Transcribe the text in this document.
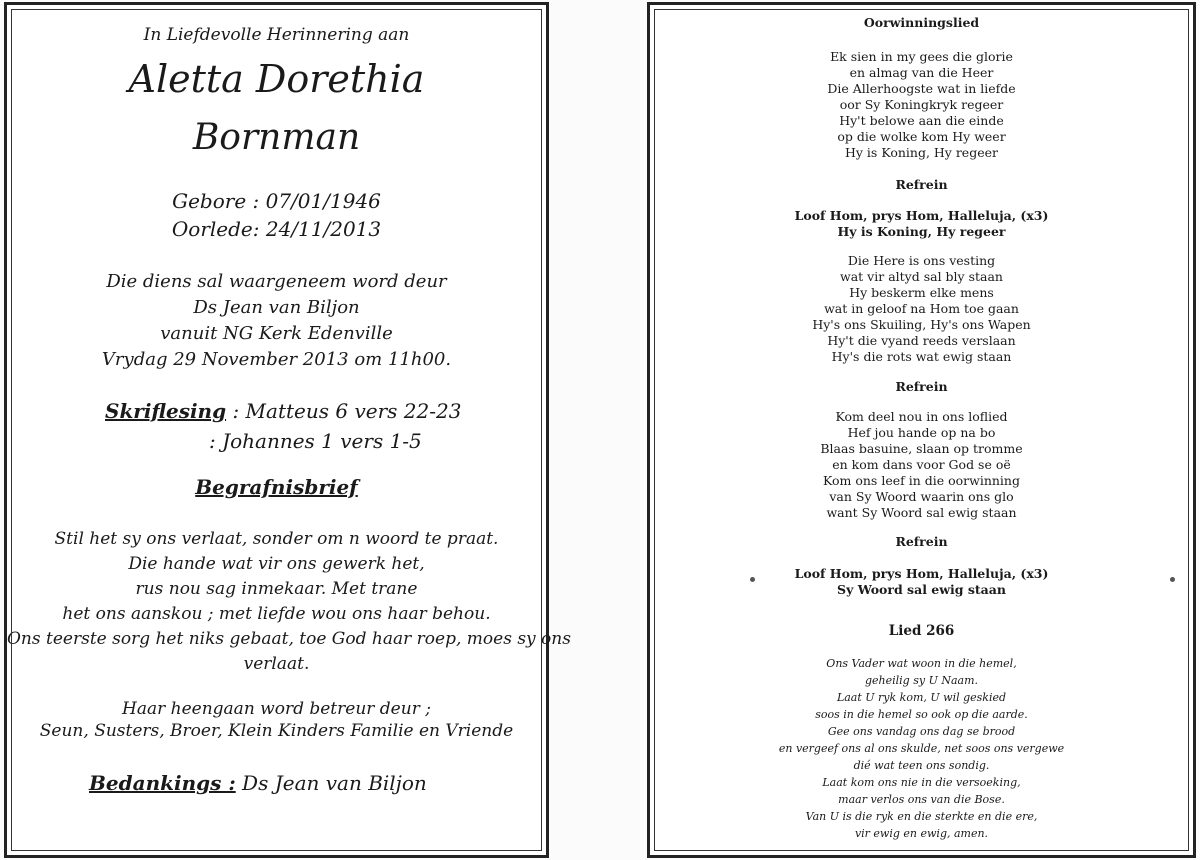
In Liefdevolle Herinnering aan
Aletta Dorethia
Bornman
Gebore : 07/01/1946
Oorlede: 24/11/2013
Die diens sal waargeneem word deur
Ds Jean van Biljon
vanuit NG Kerk Edenville
Vrydag 29 November 2013 om 11h00.
Skriflesing : Matteus 6 vers 22-23
: Johannes 1 vers 1-5
Begrafnisbrief
Stil het sy ons verlaat, sonder om n woord te praat.
Die hande wat vir ons gewerk het,
rus nou sag inmekaar. Met trane
het ons aanskou ; met liefde wou ons haar behou.
Ons teerste sorg het niks gebaat, toe God haar roep, moes sy ons
verlaat.
Haar heengaan word betreur deur ;
Seun, Susters, Broer, Klein Kinders Familie en Vriende
Bedankings : Ds Jean van Biljon
Oorwinningslied
Ek sien in my gees die glorie
en almag van die Heer
Die Allerhoogste wat in liefde
oor Sy Koningkryk regeer
Hy't belowe aan die einde
op die wolke kom Hy weer
Hy is Koning, Hy regeer
Refrein
Loof Hom, prys Hom, Halleluja, (x3)
Hy is Koning, Hy regeer
Die Here is ons vesting
wat vir altyd sal bly staan
Hy beskerm elke mens
wat in geloof na Hom toe gaan
Hy's ons Skuiling, Hy's ons Wapen
Hy't die vyand reeds verslaan
Hy's die rots wat ewig staan
Refrein
Kom deel nou in ons loflied
Hef jou hande op na bo
Blaas basuine, slaan op tromme
en kom dans voor God se oë
Kom ons leef in die oorwinning
van Sy Woord waarin ons glo
want Sy Woord sal ewig staan
Refrein
Loof Hom, prys Hom, Halleluja, (x3)
Sy Woord sal ewig staan
Lied 266
Ons Vader wat woon in die hemel,
geheilig sy U Naam.
Laat U ryk kom, U wil geskied
soos in die hemel so ook op die aarde.
Gee ons vandag ons dag se brood
en vergeef ons al ons skulde, net soos ons vergewe
dié wat teen ons sondig.
Laat kom ons nie in die versoeking,
maar verlos ons van die Bose.
Van U is die ryk en die sterkte en die ere,
vir ewig en ewig, amen.
